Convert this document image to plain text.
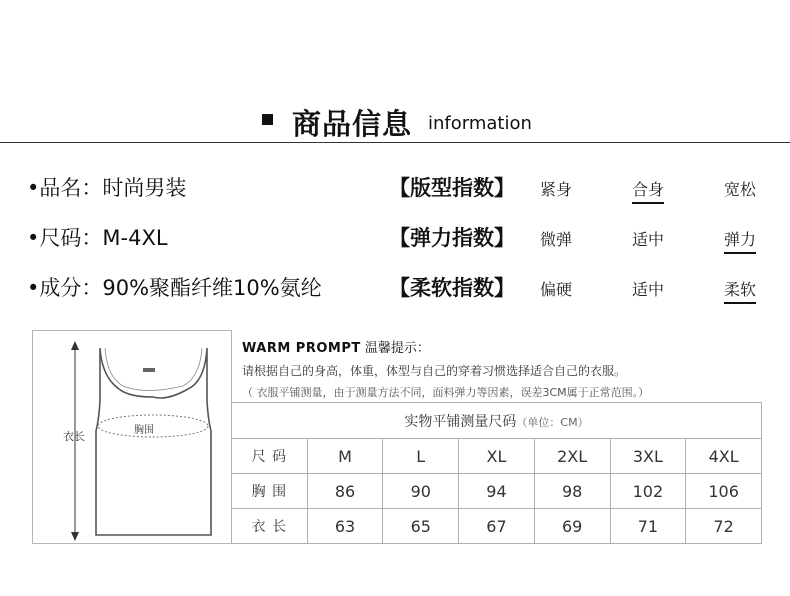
商品信息 information
•品名：时尚男装	【版型指数】 紧身	合身	宽松
•尺码：M-4XL	【弹力指数】 微弹	适中	弹力
•成分：90%聚酯纤维10%氨纶	【柔软指数】 偏硬	适中	柔软
衣长	胸围
WARM PROMPT 温馨提示：
请根据自己的身高，体重，体型与自己的穿着习惯选择适合自己的衣服。
（ 衣服平铺测量，由于测量方法不同，面料弹力等因素，误差3CM属于正常范围。）
实物平铺测量尺码（单位：CM）						
尺 码	M	L	XL	2XL	3XL	4XL
胸 围	86	90	94	98	102	106
衣 长	63	65	67	69	71	72
